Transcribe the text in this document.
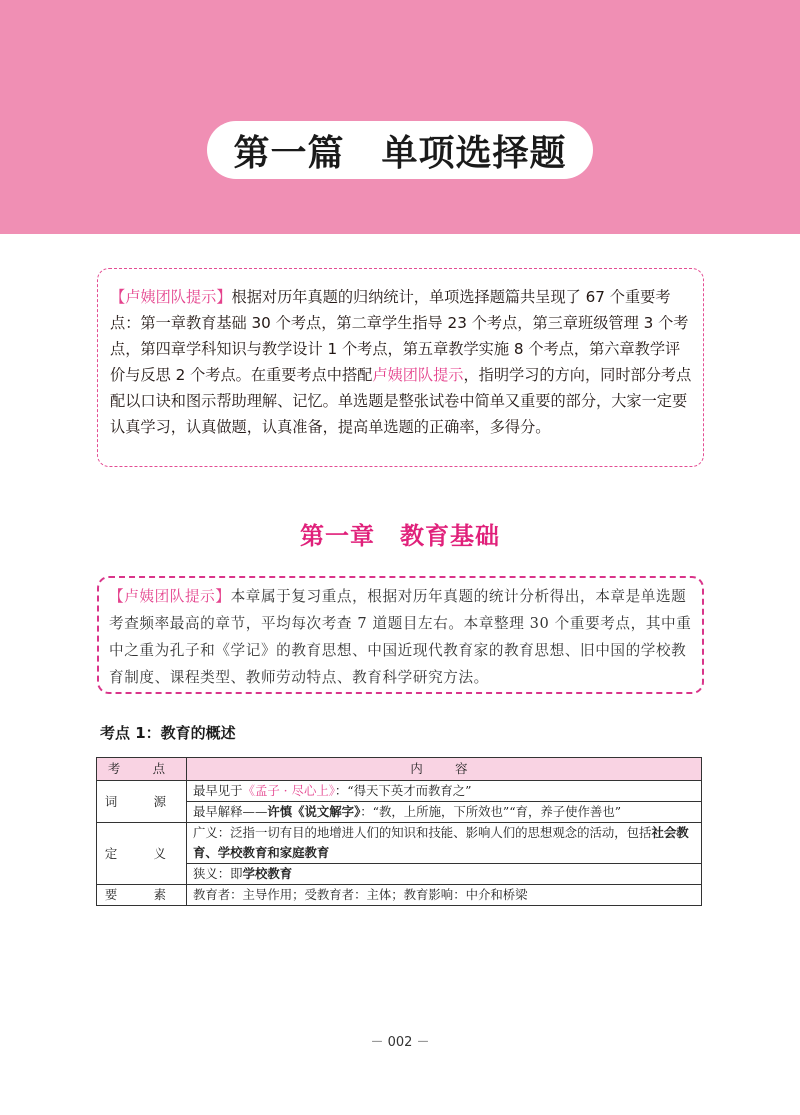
第一篇　单项选择题
【卢姨团队提示】根据对历年真题的归纳统计，单项选择题篇共呈现了 67 个重要考点：第一章教育基础 30 个考点，第二章学生指导 23 个考点，第三章班级管理 3 个考点，第四章学科知识与教学设计 1 个考点，第五章教学实施 8 个考点，第六章教学评价与反思 2 个考点。在重要考点中搭配卢姨团队提示，指明学习的方向，同时部分考点配以口诀和图示帮助理解、记忆。单选题是整张试卷中简单又重要的部分，大家一定要认真学习，认真做题，认真准备，提高单选题的正确率，多得分。
第一章　教育基础
【卢姨团队提示】本章属于复习重点，根据对历年真题的统计分析得出，本章是单选题考查频率最高的章节，平均每次考查 7 道题目左右。本章整理 30 个重要考点，其中重中之重为孔子和《学记》的教育思想、中国近现代教育家的教育思想、旧中国的学校教育制度、课程类型、教师劳动特点、教育科学研究方法。
考点 1：教育的概述
考　点	内　容
词　源	最早见于《孟子 · 尽心上》：“得天下英才而教育之”
	最早解释——许慎《说文解字》：“教，上所施，下所效也”“育，养子使作善也”
定　义	广义：泛指一切有目的地增进人们的知识和技能、影响人们的思想观念的活动，包括社会教育、学校教育和家庭教育
	狭义：即学校教育
要　素	教育者：主导作用；受教育者：主体；教育影响：中介和桥梁
－ 002 －
